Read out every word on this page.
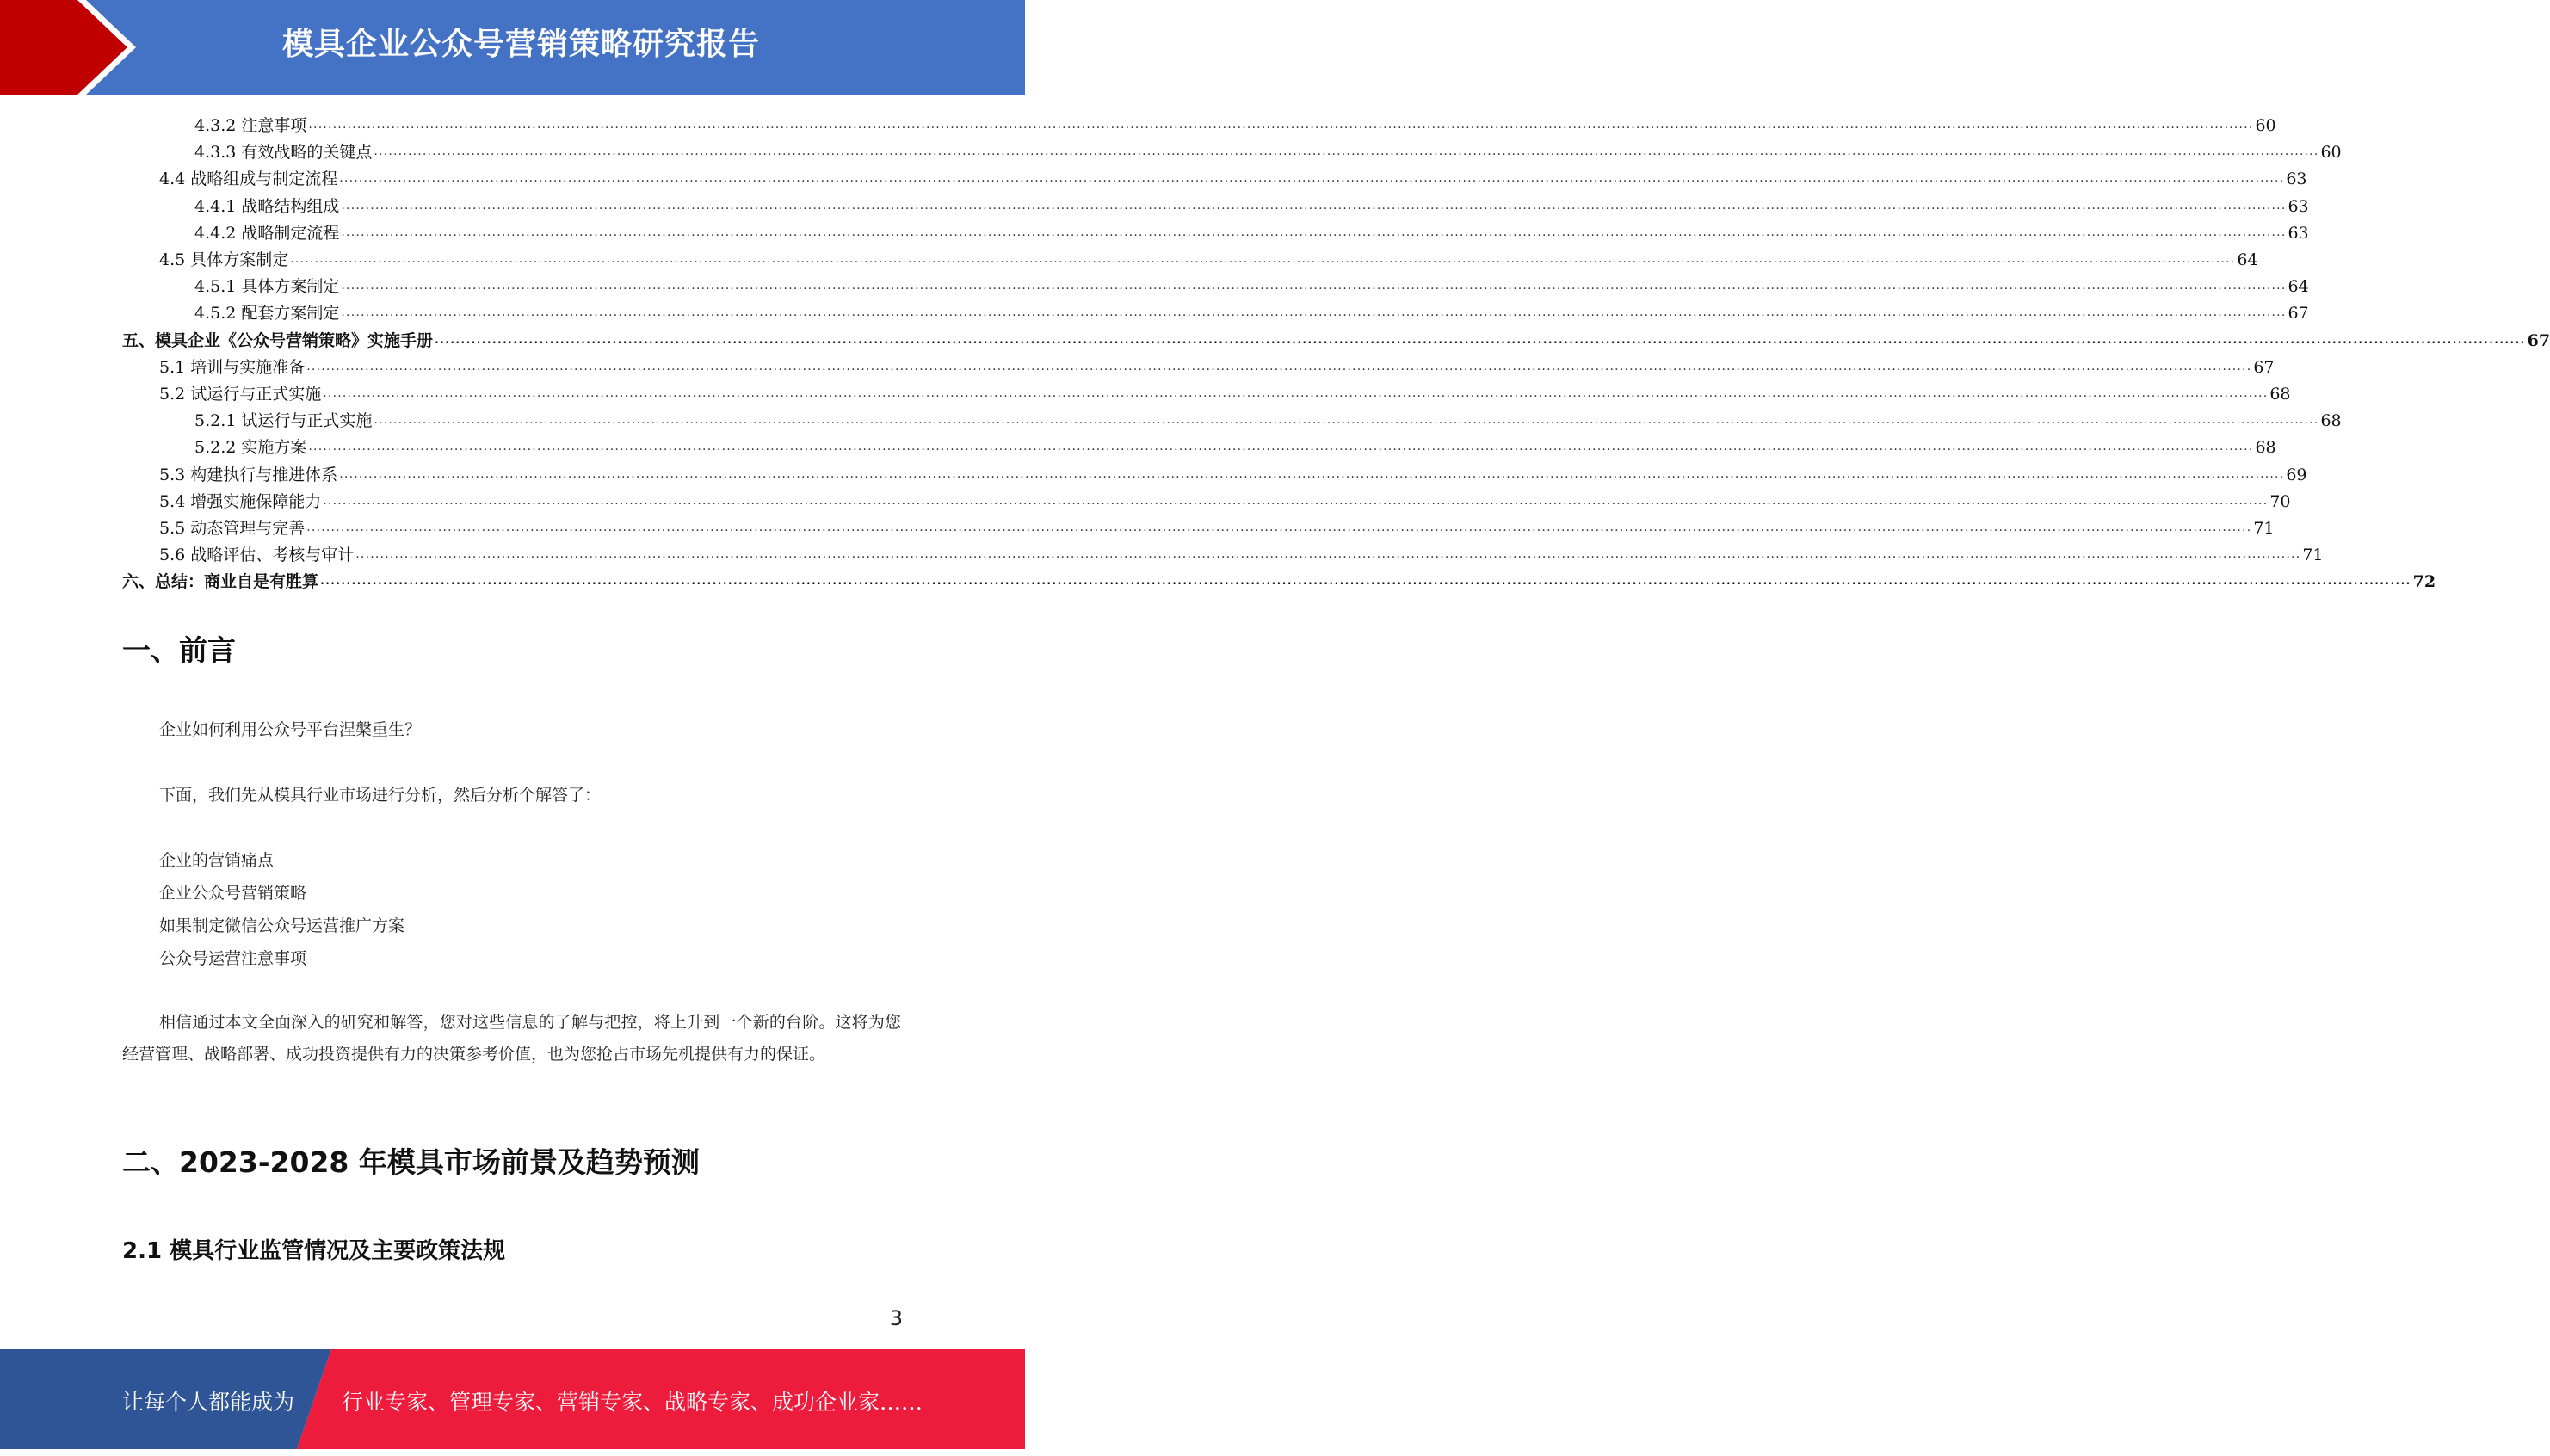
模具企业公众号营销策略研究报告
4.3.2 注意事项 ................................................................................................................................................................................................................................................................................................................................................................................................................ 60
4.3.3 有效战略的关键点 ................................................................................................................................................................................................................................................................................................................................................................................................................ 60
4.4 战略组成与制定流程 ................................................................................................................................................................................................................................................................................................................................................................................................................ 63
4.4.1 战略结构组成 ................................................................................................................................................................................................................................................................................................................................................................................................................ 63
4.4.2 战略制定流程 ................................................................................................................................................................................................................................................................................................................................................................................................................ 63
4.5 具体方案制定 ................................................................................................................................................................................................................................................................................................................................................................................................................ 64
4.5.1 具体方案制定 ................................................................................................................................................................................................................................................................................................................................................................................................................ 64
4.5.2 配套方案制定 ................................................................................................................................................................................................................................................................................................................................................................................................................ 67
五、模具企业《公众号营销策略》实施手册 ................................................................................................................................................................................................................................................................................................................................................................................................................ 67
5.1 培训与实施准备 ................................................................................................................................................................................................................................................................................................................................................................................................................ 67
5.2 试运行与正式实施 ................................................................................................................................................................................................................................................................................................................................................................................................................ 68
5.2.1 试运行与正式实施 ................................................................................................................................................................................................................................................................................................................................................................................................................ 68
5.2.2 实施方案 ................................................................................................................................................................................................................................................................................................................................................................................................................ 68
5.3 构建执行与推进体系 ................................................................................................................................................................................................................................................................................................................................................................................................................ 69
5.4 增强实施保障能力 ................................................................................................................................................................................................................................................................................................................................................................................................................ 70
5.5 动态管理与完善 ................................................................................................................................................................................................................................................................................................................................................................................................................ 71
5.6 战略评估、考核与审计 ................................................................................................................................................................................................................................................................................................................................................................................................................ 71
六、总结：商业自是有胜算 ................................................................................................................................................................................................................................................................................................................................................................................................................ 72
一、前言
企业如何利用公众号平台涅槃重生？
下面，我们先从模具行业市场进行分析，然后分析个解答了：
企业的营销痛点
企业公众号营销策略
如果制定微信公众号运营推广方案
公众号运营注意事项
相信通过本文全面深入的研究和解答，您对这些信息的了解与把控，将上升到一个新的台阶。这将为您经营管理、战略部署、成功投资提供有力的决策参考价值，也为您抢占市场先机提供有力的保证。
二、2023-2028 年模具市场前景及趋势预测
2.1 模具行业监管情况及主要政策法规
3
让每个人都能成为 行业专家、管理专家、营销专家、战略专家、成功企业家……
